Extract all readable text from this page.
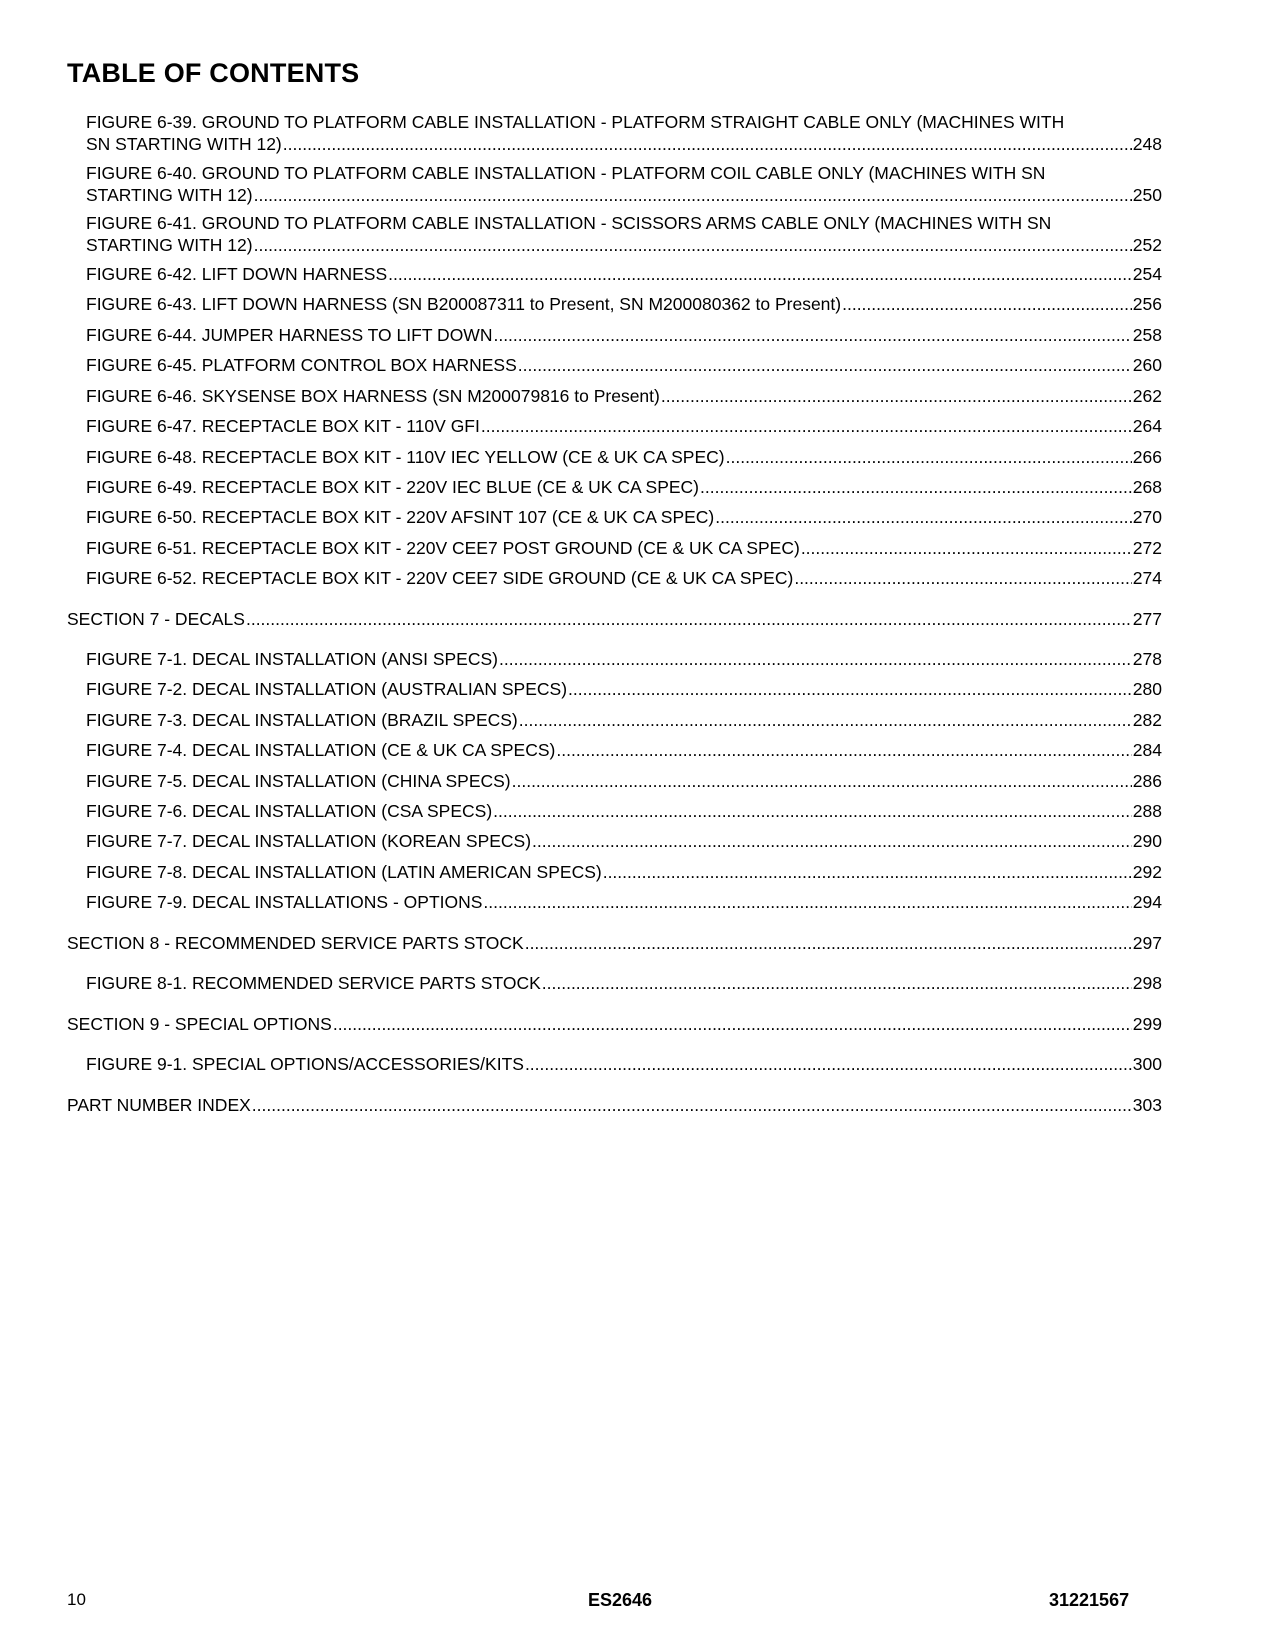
TABLE OF CONTENTS
FIGURE 6-39. GROUND TO PLATFORM CABLE INSTALLATION - PLATFORM STRAIGHT CABLE ONLY (MACHINES WITH
SN STARTING WITH 12) .....	248
FIGURE 6-40. GROUND TO PLATFORM CABLE INSTALLATION - PLATFORM COIL CABLE ONLY (MACHINES WITH SN
STARTING WITH 12) .....	250
FIGURE 6-41. GROUND TO PLATFORM CABLE INSTALLATION - SCISSORS ARMS CABLE ONLY (MACHINES WITH SN
STARTING WITH 12) .....	252
FIGURE 6-42. LIFT DOWN HARNESS .....	254
FIGURE 6-43. LIFT DOWN HARNESS (SN B200087311 to Present, SN M200080362 to Present) .....	256
FIGURE 6-44. JUMPER HARNESS TO LIFT DOWN .....	258
FIGURE 6-45. PLATFORM CONTROL BOX HARNESS .....	260
FIGURE 6-46. SKYSENSE BOX HARNESS (SN M200079816 to Present) .....	262
FIGURE 6-47. RECEPTACLE BOX KIT - 110V GFI .....	264
FIGURE 6-48. RECEPTACLE BOX KIT - 110V IEC YELLOW (CE & UK CA SPEC) .....	266
FIGURE 6-49. RECEPTACLE BOX KIT - 220V IEC BLUE (CE & UK CA SPEC) .....	268
FIGURE 6-50. RECEPTACLE BOX KIT - 220V AFSINT 107 (CE & UK CA SPEC) .....	270
FIGURE 6-51. RECEPTACLE BOX KIT - 220V CEE7 POST GROUND (CE & UK CA SPEC) .....	272
FIGURE 6-52. RECEPTACLE BOX KIT - 220V CEE7 SIDE GROUND (CE & UK CA SPEC) .....	274
SECTION 7 - DECALS .....	277
FIGURE 7-1. DECAL INSTALLATION (ANSI SPECS) .....	278
FIGURE 7-2. DECAL INSTALLATION (AUSTRALIAN SPECS) .....	280
FIGURE 7-3. DECAL INSTALLATION (BRAZIL SPECS) .....	282
FIGURE 7-4. DECAL INSTALLATION (CE & UK CA SPECS) .....	284
FIGURE 7-5. DECAL INSTALLATION (CHINA SPECS) .....	286
FIGURE 7-6. DECAL INSTALLATION (CSA SPECS) .....	288
FIGURE 7-7. DECAL INSTALLATION (KOREAN SPECS) .....	290
FIGURE 7-8. DECAL INSTALLATION (LATIN AMERICAN SPECS) .....	292
FIGURE 7-9. DECAL INSTALLATIONS - OPTIONS .....	294
SECTION 8 - RECOMMENDED SERVICE PARTS STOCK .....	297
FIGURE 8-1. RECOMMENDED SERVICE PARTS STOCK .....	298
SECTION 9 - SPECIAL OPTIONS .....	299
FIGURE 9-1. SPECIAL OPTIONS/ACCESSORIES/KITS .....	300
PART NUMBER INDEX .....	303
10	ES2646	31221567
